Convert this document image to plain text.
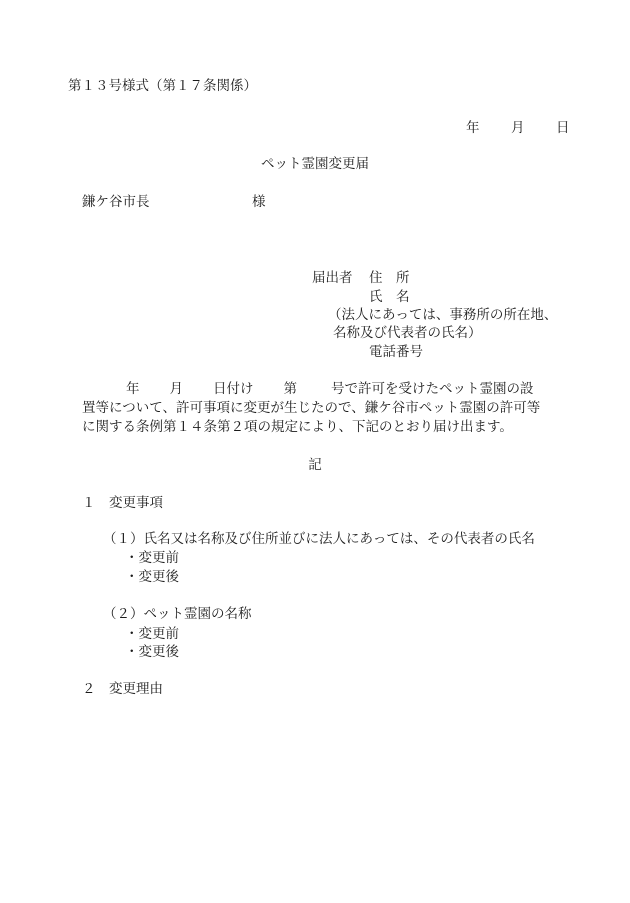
第１３号様式（第１７条関係）
年 月 日
ペット霊園変更届
鎌ケ谷市長	様
届出者 住　所
氏　名
（法人にあっては、事務所の所在地、
名称及び代表者の氏名）
電話番号
年 月 日付け 第	号で許可を受けたペット霊園の設
置等について、許可事項に変更が生じたので、鎌ケ谷市ペット霊園の許可等
に関する条例第１４条第２項の規定により、下記のとおり届け出ます。
記
１　変更事項
（１）氏名又は名称及び住所並びに法人にあっては、その代表者の氏名
・変更前
・変更後
（２）ペット霊園の名称
・変更前
・変更後
２　変更理由
